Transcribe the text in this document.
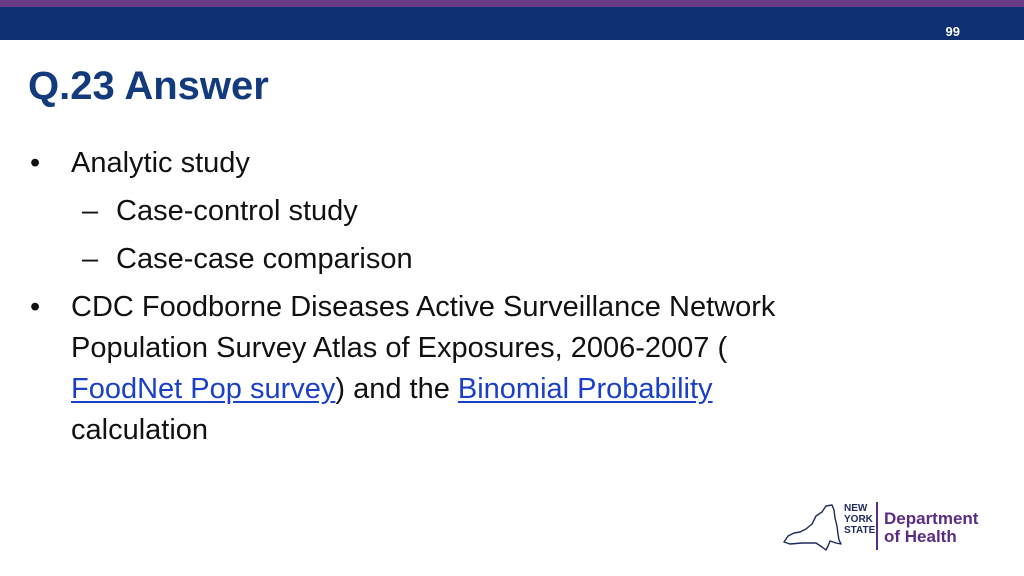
99
Q.23 Answer
• Analytic study
– Case-control study
– Case-case comparison
• CDC Foodborne Diseases Active Surveillance Network
Population Survey Atlas of Exposures, 2006-2007 (
FoodNet Pop survey) and the Binomial Probability
calculation
NEW
YORK
STATE
Department
of Health
